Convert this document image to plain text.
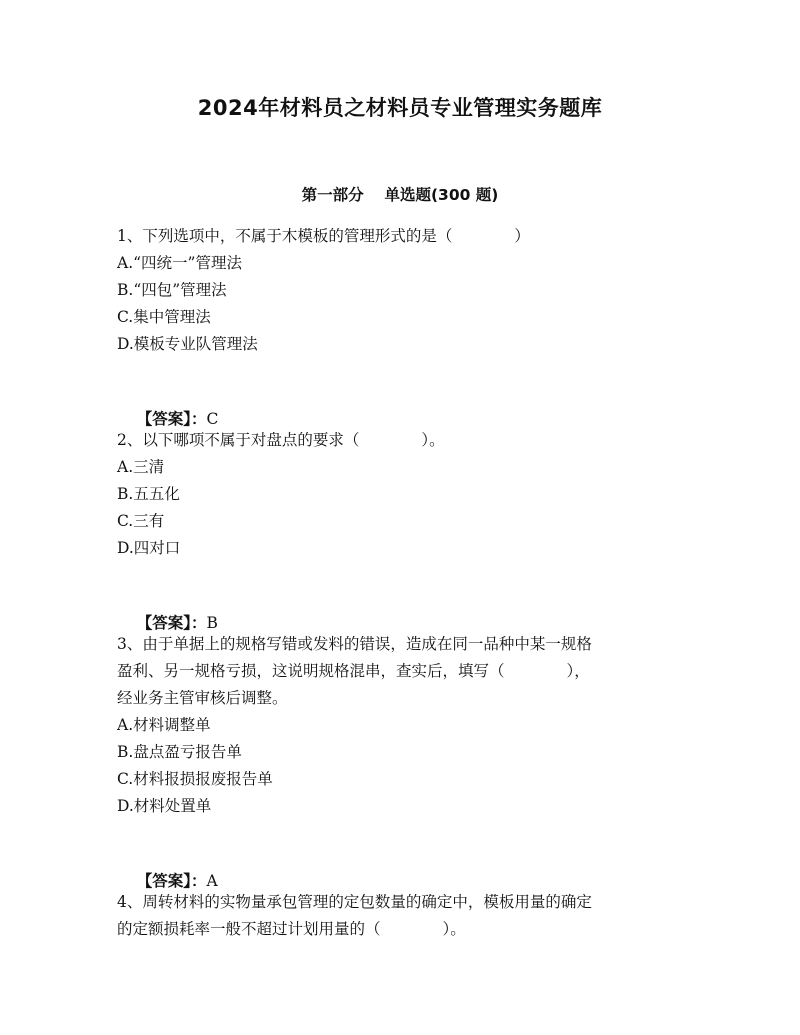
2024年材料员之材料员专业管理实务题库
第一部分　 单选题(300 题)
1、下列选项中，不属于木模板的管理形式的是（　　　　）
A.“四统一”管理法
B.“四包”管理法
C.集中管理法
D.模板专业队管理法

【答案】：C

2、以下哪项不属于对盘点的要求（　　　　）。
A.三清
B.五五化
C.三有
D.四对口

【答案】：B

3、由于单据上的规格写错或发料的错误，造成在同一品种中某一规格
盈利、另一规格亏损，这说明规格混串，查实后，填写（　　　　），
经业务主管审核后调整。
A.材料调整单
B.盘点盈亏报告单
C.材料报损报废报告单
D.材料处置单

【答案】：A

4、周转材料的实物量承包管理的定包数量的确定中，模板用量的确定
的定额损耗率一般不超过计划用量的（　　　　）。
